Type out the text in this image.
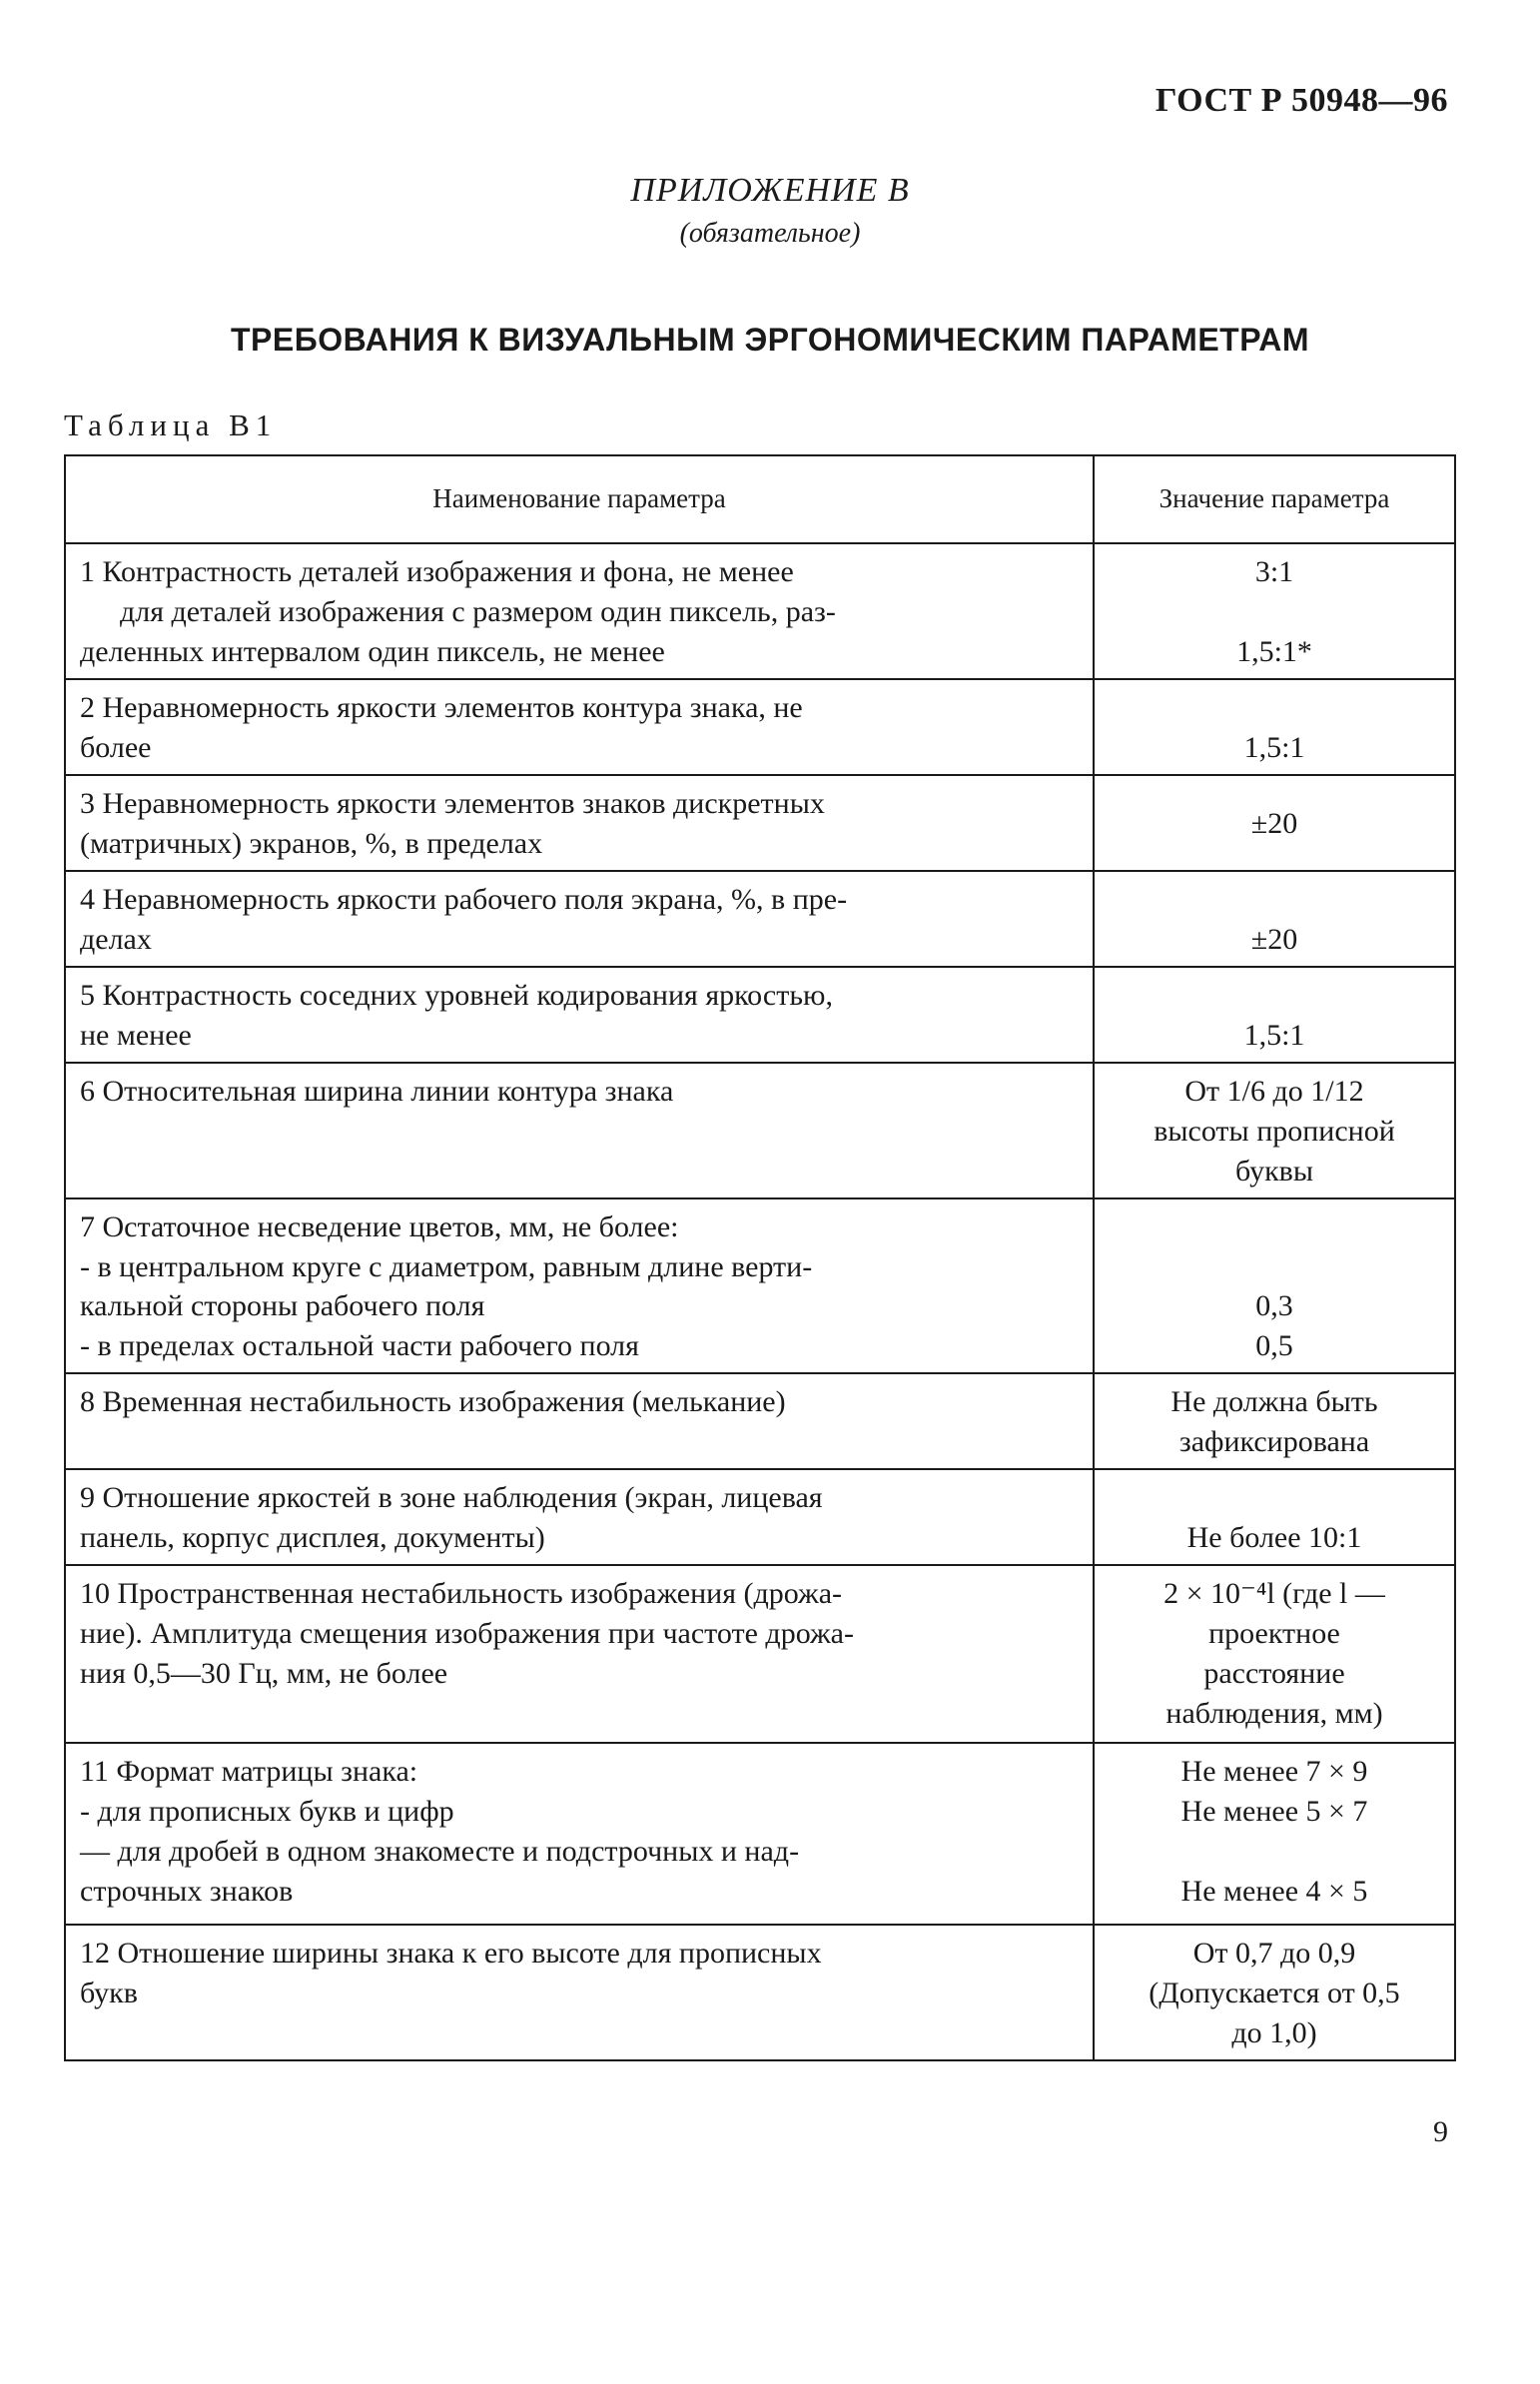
ГОСТ Р 50948—96
ПРИЛОЖЕНИЕ В
(обязательное)
ТРЕБОВАНИЯ К ВИЗУАЛЬНЫМ ЭРГОНОМИЧЕСКИМ ПАРАМЕТРАМ
Таблица В1
Наименование параметра	Значение параметра

1 Контрастность деталей изображения и фона, не менее
для деталей изображения с размером один пиксель, раз-
деленных интервалом один пиксель, не менее	3:1
1,5:1*

2 Неравномерность яркости элементов контура знака, не
более	1,5:1

3 Неравномерность яркости элементов знаков дискретных
(матричных) экранов, %, в пределах	±20

4 Неравномерность яркости рабочего поля экрана, %, в пре-
делах	±20

5 Контрастность соседних уровней кодирования яркостью,
не менее	1,5:1

6 Относительная ширина линии контура знака	От 1/6 до 1/12
высоты прописной
буквы

7 Остаточное несведение цветов, мм, не более:
- в центральном круге с диаметром, равным длине верти-
кальной стороны рабочего поля
- в пределах остальной части рабочего поля	0,3
0,5

8 Временная нестабильность изображения (мелькание)	Не должна быть
зафиксирована

9 Отношение яркостей в зоне наблюдения (экран, лицевая
панель, корпус дисплея, документы)	Не более 10:1

10 Пространственная нестабильность изображения (дрожа-
ние). Амплитуда смещения изображения при частоте дрожа-
ния 0,5—30 Гц, мм, не более	2 × 10⁻⁴l (где l —
проектное
расстояние
наблюдения, мм)

11 Формат матрицы знака:
- для прописных букв и цифр
— для дробей в одном знакоместе и подстрочных и над-
строчных знаков	Не менее 7 × 9
Не менее 5 × 7
Не менее 4 × 5

12 Отношение ширины знака к его высоте для прописных
букв	От 0,7 до 0,9
(Допускается от 0,5
до 1,0)
9
